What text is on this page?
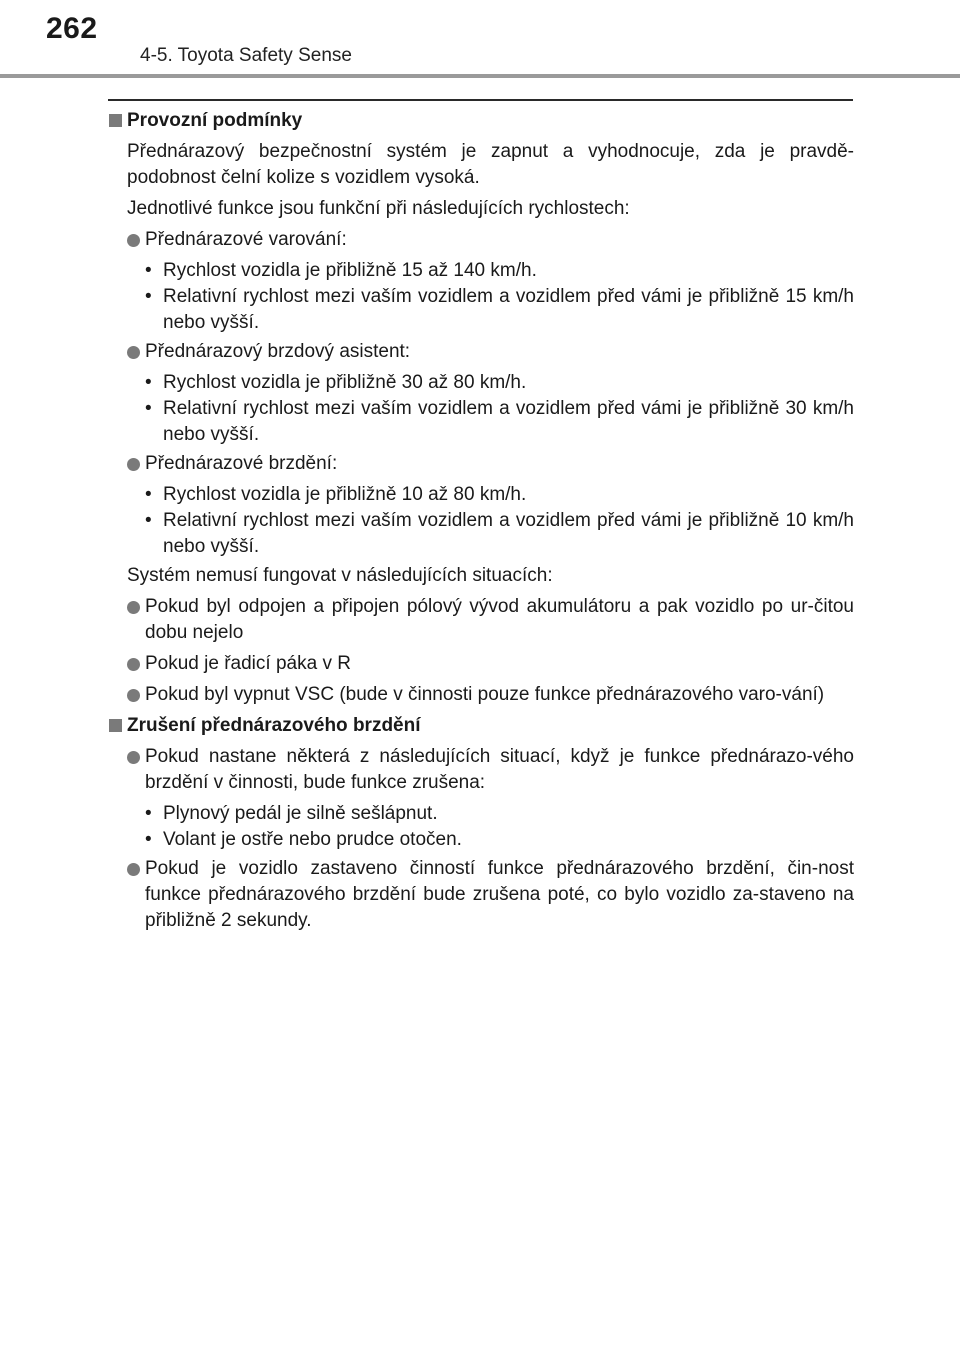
262
4-5. Toyota Safety Sense
Provozní podmínky

Přednárazový bezpečnostní systém je zapnut a vyhodnocuje, zda je pravdě-podobnost čelní kolize s vozidlem vysoká.

Jednotlivé funkce jsou funkční při následujících rychlostech:

Přednárazové varování:
• Rychlost vozidla je přibližně 15 až 140 km/h.
• Relativní rychlost mezi vaším vozidlem a vozidlem před vámi je přibližně 15 km/h nebo vyšší.
Přednárazový brzdový asistent:
• Rychlost vozidla je přibližně 30 až 80 km/h.
• Relativní rychlost mezi vaším vozidlem a vozidlem před vámi je přibližně 30 km/h nebo vyšší.
Přednárazové brzdění:
• Rychlost vozidla je přibližně 10 až 80 km/h.
• Relativní rychlost mezi vaším vozidlem a vozidlem před vámi je přibližně 10 km/h nebo vyšší.

Systém nemusí fungovat v následujících situacích:

Pokud byl odpojen a připojen pólový vývod akumulátoru a pak vozidlo po ur-čitou dobu nejelo
Pokud je řadicí páka v R
Pokud byl vypnut VSC (bude v činnosti pouze funkce přednárazového varo-vání)
Zrušení přednárazového brzdění
Pokud nastane některá z následujících situací, když je funkce přednárazo-vého brzdění v činnosti, bude funkce zrušena:
• Plynový pedál je silně sešlápnut.
• Volant je ostře nebo prudce otočen.
Pokud je vozidlo zastaveno činností funkce přednárazového brzdění, čin-nost funkce přednárazového brzdění bude zrušena poté, co bylo vozidlo za-staveno na přibližně 2 sekundy.
